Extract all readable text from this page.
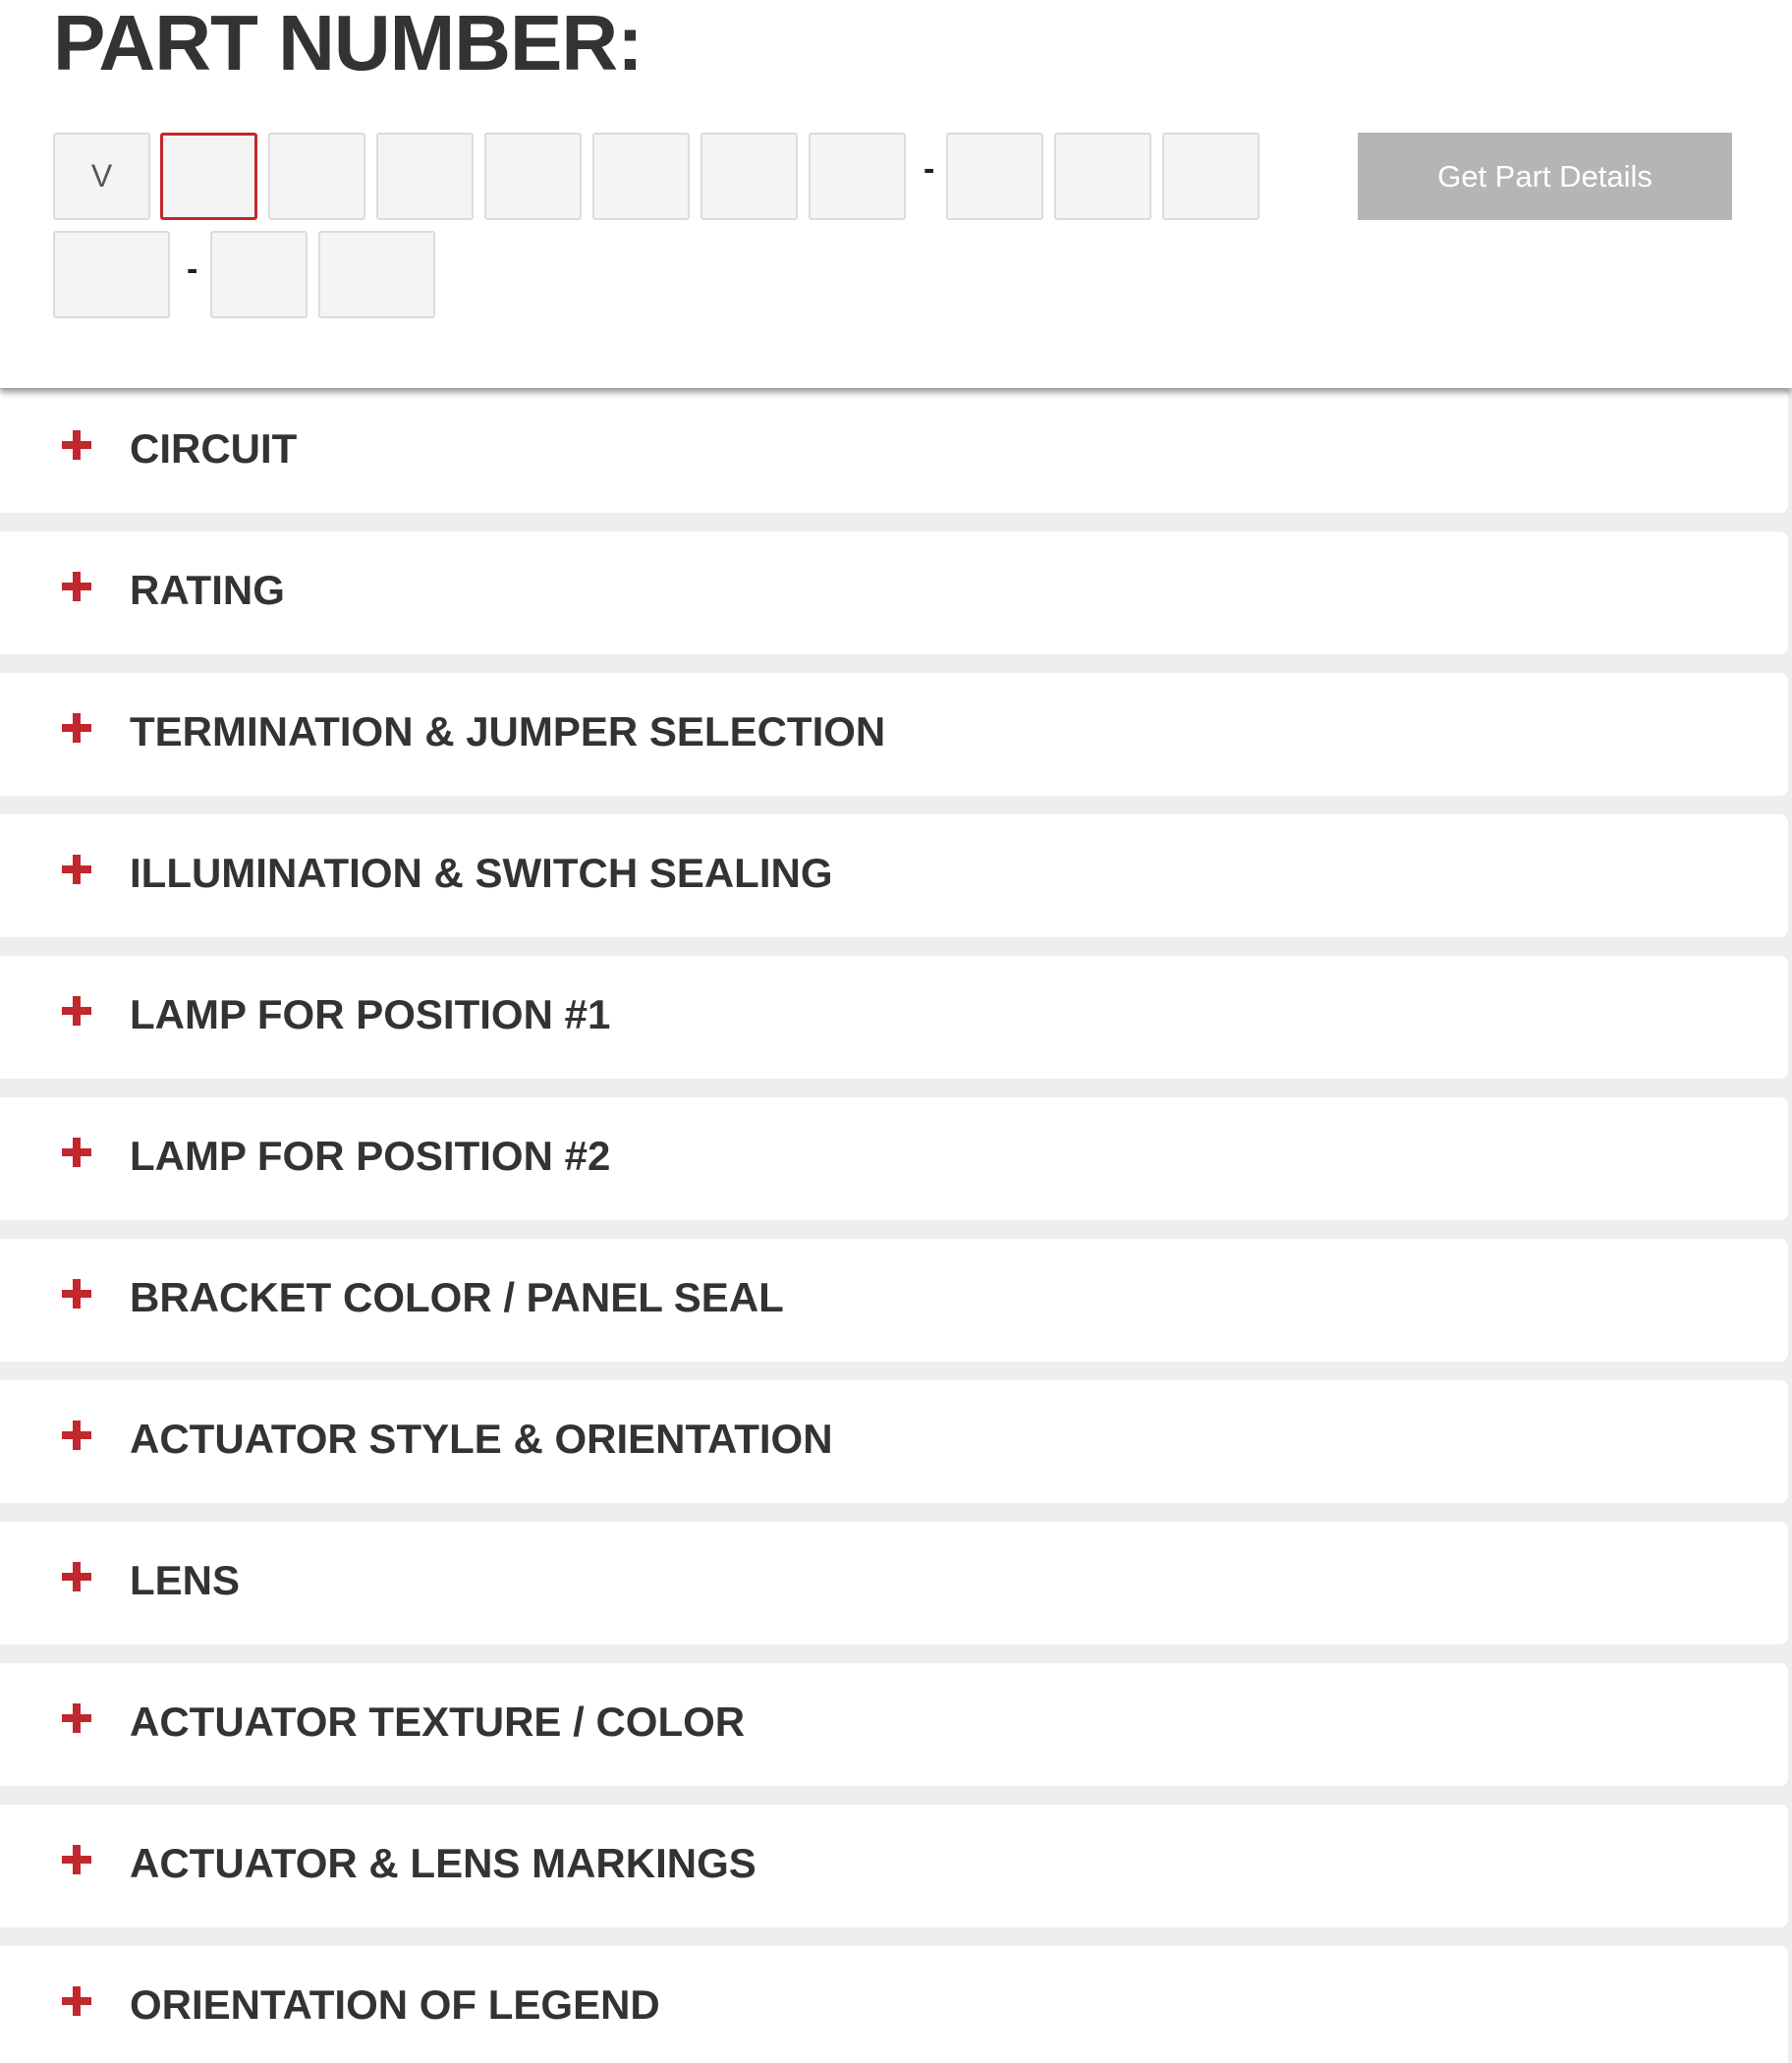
PART NUMBER:
V
-	Get Part Details
-
CIRCUIT
RATING
TERMINATION & JUMPER SELECTION
ILLUMINATION & SWITCH SEALING
LAMP FOR POSITION #1
LAMP FOR POSITION #2
BRACKET COLOR / PANEL SEAL
ACTUATOR STYLE & ORIENTATION
LENS
ACTUATOR TEXTURE / COLOR
ACTUATOR & LENS MARKINGS
ORIENTATION OF LEGEND
